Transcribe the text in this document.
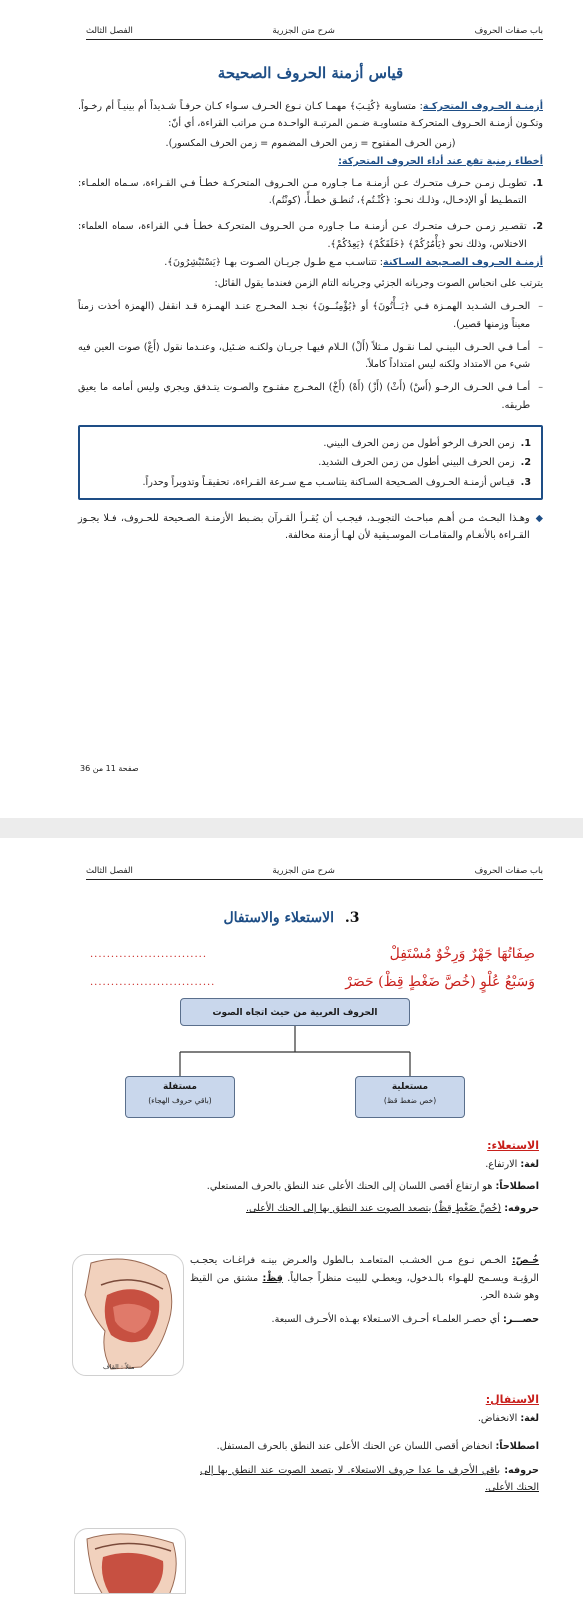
باب صفات الحروف
شرح متن الجزرية
الفصل الثالث
قياس أزمنة الحروف الصحيحة

أزمنـة الحـروف المتحركـة: متساوية ﴿كُتِـبَ﴾ مهمـا كـان نـوع الحـرف سـواء كـان حرفـاً شـديداً أم بينيـاً أم رخـواً. وتكـون أزمنـة الحـروف المتحركـة متساويـة ضـمن المرتبـة الواحـدة مـن مراتب القراءة، أي أنّ:

(زمن الحرف المفتوح = زمن الحرف المضموم = زمن الحرف المكسور).

أخطاء زمنية تقع عند أداء الحروف المتحركة:

1.
تطويـل زمـن حـرف متحـرك عـن أزمنـة مـا جـاوره مـن الحـروف المتحركـة خطـأ فـي القـراءة، سـماه العلمـاء: التمطـيط أو الإدخـال، وذلـك نحـو: ﴿كُنْـتُم﴾، تُنطـق خطـأً، (كونْتُم).
2.
تقصـير زمـن حـرف متحـرك عـن أزمنـة مـا جـاوره مـن الحـروف المتحركـة خطـأ فـي القراءة، سماه العلماء: الاختلاس، وذلك نحو ﴿يَأْمُرُكُمْ﴾ ﴿خَلَقَكُمْ﴾ ﴿يَعِدُكُمْ﴾.

أزمنـة الحـروف الصـحيحة السـاكنة: تتناسـب مـع طـول جريـان الصـوت بهـا ﴿يَسْتَبْشِرُونَ﴾.

يترتب على انحباس الصوت وجريانه الجزئي وجريانه التام الزمن فعندما يقول القائل:

–
الحـرف الشـديد الهمـزة فـي ﴿يَــأْتُونَ﴾ أو ﴿يُؤْمِنُــونَ﴾ نجـد المخـرج عنـد الهمـزة قـد انقفل (الهمزة أخذت زمناً معيناً وزمنها قصير).
–
أمـا فـي الحـرف البينـي لمـا نقـول مـثلاً (أَلْ) الـلام فيهـا جريـان ولكنـه ضـئيل، وعنـدما نقول (أَعْ) صوت العين فيه شيء من الامتداد ولكنه ليس امتداداً كاملاً.
–
أمـا فـي الحـرف الرخـو (أَسْ) (أَثْ) (أَزْ) (أَهْ) (أَخْ) المخـرج مفتـوح والصـوت يتـدفق ويجري وليس أمامه ما يعيق طريقه.
1.
زمن الحرف الرخو أطول من زمن الحرف البيني.
2.
زمن الحرف البيني أطول من زمن الحرف الشديد.
3.
قيـاس أزمنـة الحـروف الصـحيحة السـاكنة يتناسـب مـع سـرعة القـراءة، تحقيقـاً وتدويراً وحدراً.
◆
وهـذا البحـث مـن أهـم مباحـث التجويـد، فيجـب أن يُقـرأ القـرآن بضـبط الأزمنـة الصـحيحة للحـروف، فـلا يجـوز القـراءة بالأنغـام والمقامـات الموسـيقية لأن لهـا أزمنة مخالفة.
صفحة 11 من 36
باب صفات الحروف
شرح متن الجزرية
الفصل الثالث
3. الاستعلاء والاستفال
صِفَاتُهَا جَهْرٌ وَرِخْوٌ مُسْتَفِلْ
............................
وَسَبْعُ عُلْوٍ (خُصَّ ضَغْطٍ قِظْ) حَصَرْ
..............................
الحروف العربية من حيث اتجاه الصوت
مستعلية
(خص ضغط قظ)
مستفلة
(باقي حروف الهجاء)
الاستعلاء:

لغة: الارتفاع.

اصطلاحاً: هو ارتفاع أقصى اللسان إلى الحنك الأعلى عند النطق بالحرف المستعلي.

حروفه: (خُصَّ ضَغْطٍ قِظْ) يتصعد الصوت عند النطق بها إلى الحنك الأعلى.

خُـصّ: الخـص نـوع مـن الخشـب المتعامـد بـالطول والعـرض بينـه فراغـات يحجـب الرؤيـة ويسـمح للهـواء بالـدخول، ويعطـي للبيت منظراً جمالياً. قِظْ: مشتق من القيظ وهو شدة الحر.

حصـــر: أي حصـر العلمـاء أحـرف الاسـتعلاء بهـذه الأحـرف السبعة.

مثلاً : القاف
الاستفال:

لغة: الانخفاض.

اصطلاحاً: انخفاض أقصى اللسان عن الحنك الأعلى عند النطق بالحرف المستفل.

حروفه: باقي الأحرف ما عدا حروف الاستعلاء. لا يتصعد الصوت عند النطق بها إلى الحنك الأعلى.
